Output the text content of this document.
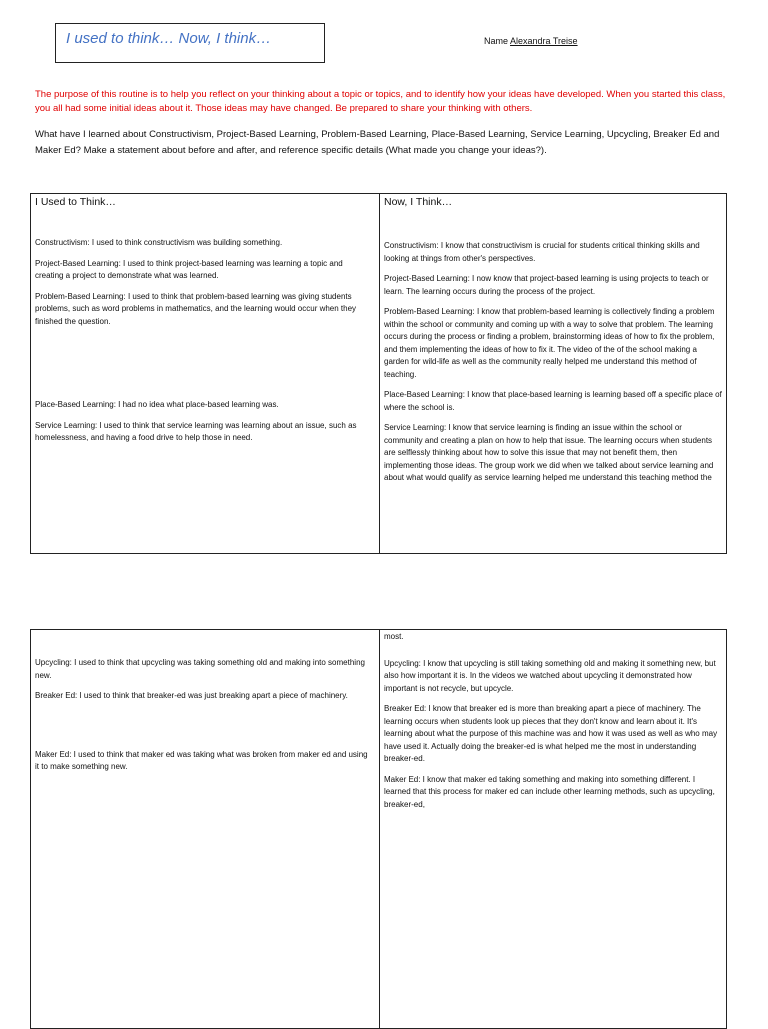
I used to think… Now, I think…	Name Alexandra Treise
The purpose of this routine is to help you reflect on your thinking about a topic or topics, and to identify how your ideas have developed. When you started this class, you all had some initial ideas about it. Those ideas may have changed. Be prepared to share your thinking with others.
What have I learned about Constructivism, Project-Based Learning, Problem-Based Learning, Place-Based Learning, Service Learning, Upcycling, Breaker Ed and Maker Ed? Make a statement about before and after, and reference specific details (What made you change your ideas?).
I Used to Think…

Constructivism: I used to think constructivism was building something.

Project-Based Learning: I used to think project-based learning was learning a topic and creating a project to demonstrate what was learned.

Problem-Based Learning: I used to think that problem-based learning was giving students problems, such as word problems in mathematics, and the learning would occur when they finished the question.

Place-Based Learning: I had no idea what place-based learning was.

Service Learning: I used to think that service learning was learning about an issue, such as homelessness, and having a food drive to help those in need.

Now, I Think…

Constructivism: I know that constructivism is crucial for students critical thinking skills and looking at things from other's perspectives.

Project-Based Learning: I now know that project-based learning is using projects to teach or learn. The learning occurs during the process of the project.

Problem-Based Learning: I know that problem-based learning is collectively finding a problem within the school or community and coming up with a way to solve that problem. The learning occurs during the process or finding a problem, brainstorming ideas of how to fix the problem, and them implementing the ideas of how to fix it. The video of the of the school making a garden for wild-life as well as the community really helped me understand this method of teaching.

Place-Based Learning: I know that place-based learning is learning based off a specific place of where the school is.

Service Learning: I know that service learning is finding an issue within the school or community and creating a plan on how to help that issue. The learning occurs when students are selflessly thinking about how to solve this issue that may not benefit them, then implementing those ideas. The group work we did when we talked about service learning and about what would qualify as service learning helped me understand this teaching method the

Upcycling: I used to think that upcycling was taking something old and making into something new.

Breaker Ed: I used to think that breaker-ed was just breaking apart a piece of machinery.

Maker Ed: I used to think that maker ed was taking what was broken from maker ed and using it to make something new.

most.

Upcycling: I know that upcycling is still taking something old and making it something new, but also how important it is. In the videos we watched about upcycling it demonstrated how important is not recycle, but upcycle.

Breaker Ed: I know that breaker ed is more than breaking apart a piece of machinery. The learning occurs when students look up pieces that they don't know and learn about it. It's learning about what the purpose of this machine was and how it was used as well as who may have used it. Actually doing the breaker-ed is what helped me the most in understanding breaker-ed.

Maker Ed: I know that maker ed taking something and making into something different. I learned that this process for maker ed can include other learning methods, such as upcycling, breaker-ed,
